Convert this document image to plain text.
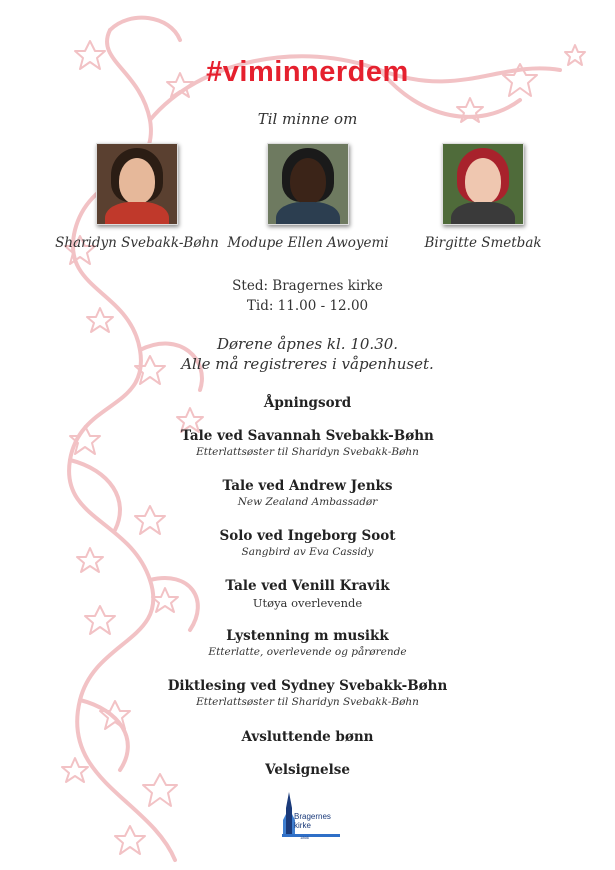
#viminnerdem
Til minne om
Sharidyn Svebakk-Bøhn Modupe Ellen Awoyemi	Birgitte Smetbak
Sted: Bragernes kirke
Tid: 11.00 - 12.00
Dørene åpnes kl. 10.30.
Alle må registreres i våpenhuset.
Åpningsord
Tale ved Savannah Svebakk-Bøhn
Etterlattsøster til Sharidyn Svebakk-Bøhn
Tale ved Andrew Jenks
New Zealand Ambassadør
Solo ved Ingeborg Soot
Sangbird av Eva Cassidy
Tale ved Venill Kravik
Utøya overlevende
Lystenning m musikk
Etterlatte, overlevende og pårørende
Diktlesing ved Sydney Svebakk-Bøhn
Etterlattsøster til Sharidyn Svebakk-Bøhn
Avsluttende bønn
Velsignelse
Bragernes
kirke
1866
